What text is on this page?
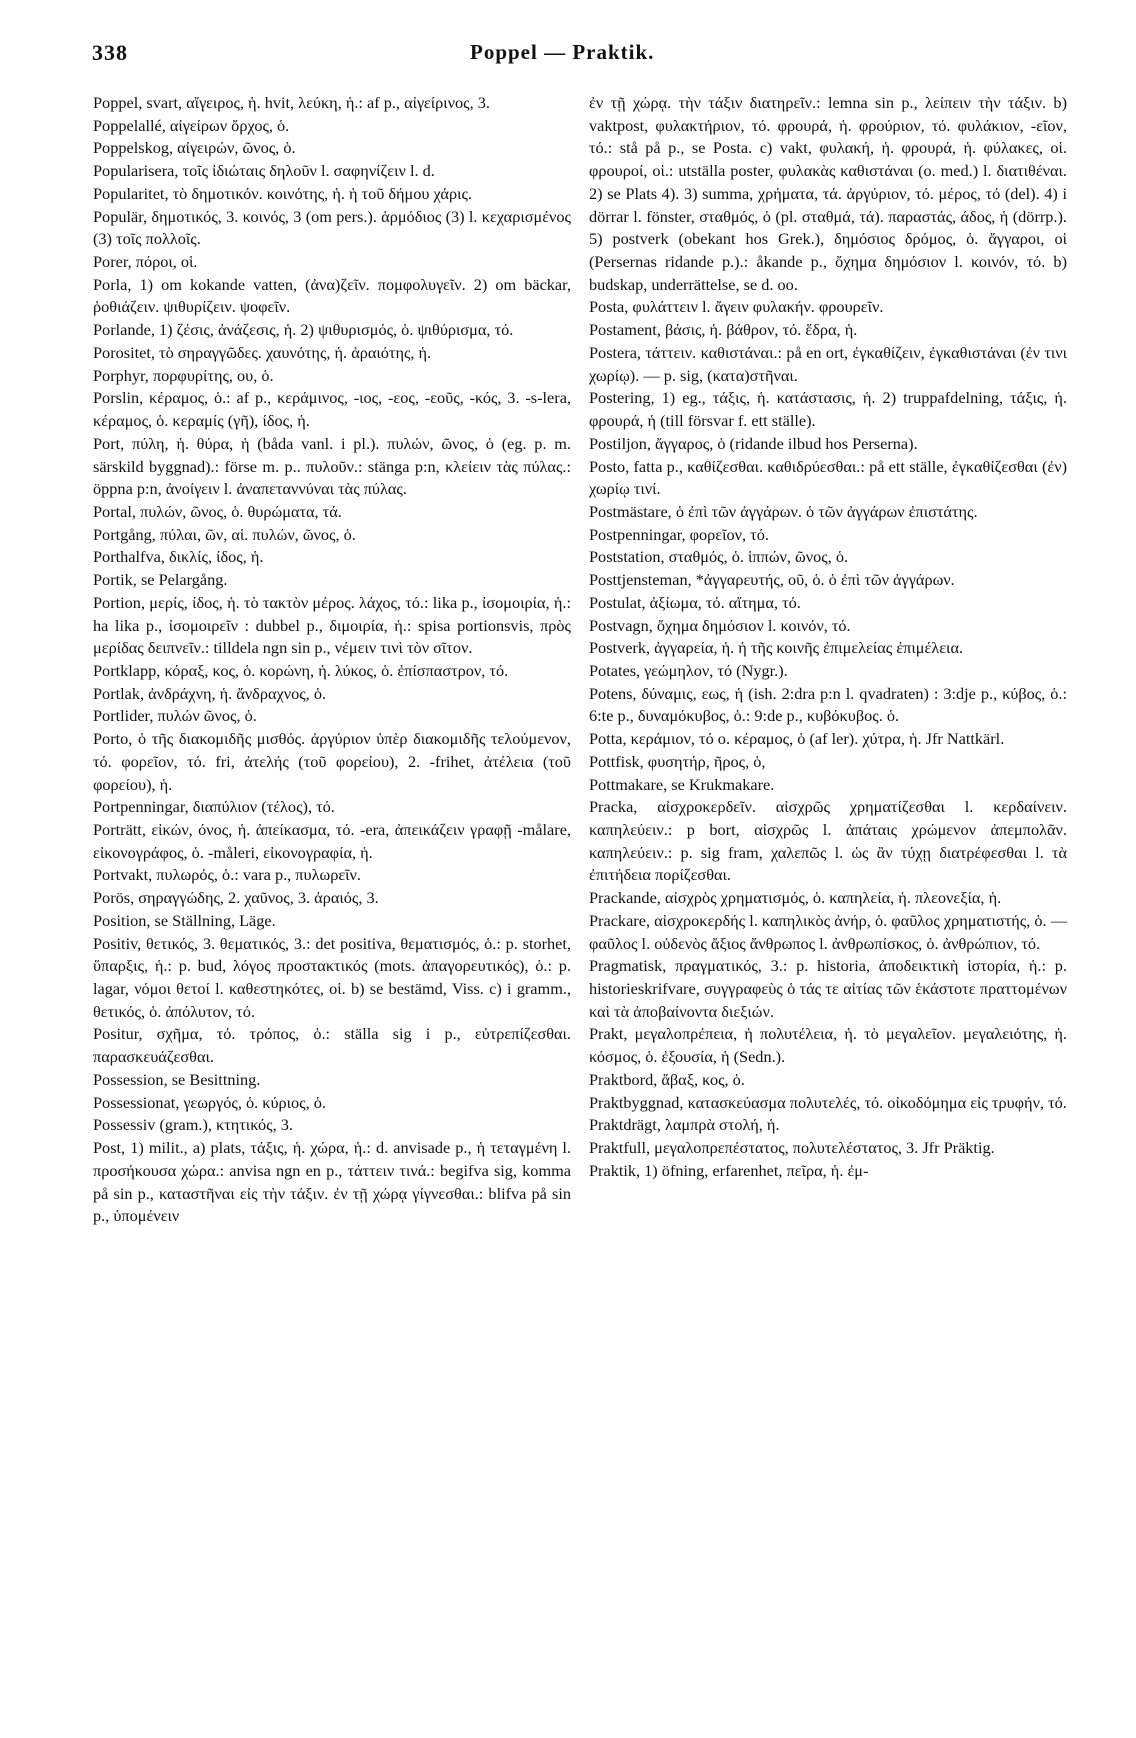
338	Poppel — Praktik.

Poppel, svart, αἴγειρος, ἡ. hvit, λεύκη, ἡ.: af p., αἰγείρινος, 3.

Poppelallé, αἰγείρων ὄρχος, ὁ.

Poppelskog, αἰγειρών, ῶνος, ὁ.

Popularisera, τοῖς ἰδιώταις δηλοῦν l. σαφηνίζειν l. d.

Popularitet, τὸ δημοτικόν. κοινότης, ἡ. ἡ τοῦ δήμου χάρις.

Populär, δημοτικός, 3. κοινός, 3 (om pers.). ἁρμόδιος (3) l. κεχαρισμένος (3) τοῖς πολλοῖς.

Porer, πόροι, οἱ.

Porla, 1) om kokande vatten, (ἀνα)ζεῖν. πομφολυγεῖν. 2) om bäckar, ῥοθιάζειν. ψιθυρίζειν. ψοφεῖν.

Porlande, 1) ζέσις, ἀνάζεσις, ἡ. 2) ψιθυρισμός, ὁ. ψιθύρισμα, τό.

Porositet, τὸ σηραγγῶδες. χαυνότης, ἡ. ἀραιότης, ἡ.

Porphyr, πορφυρίτης, ου, ὁ.

Porslin, κέραμος, ὁ.: af p., κεράμινος, -ιος, -εος, -εοῦς, -κός, 3. -s-lera, κέραμος, ὁ. κεραμίς (γῆ), ίδος, ἡ.

Port, πύλη, ἡ. θύρα, ἡ (båda vanl. i pl.). πυλών, ῶνος, ὁ (eg. p. m. särskild byggnad).: förse m. p.. πυλοῦν.: stänga p:n, κλείειν τὰς πύλας.: öppna p:n, ἀνοίγειν l. ἀναπεταννύναι τὰς πύλας.

Portal, πυλών, ῶνος, ὁ. θυρώματα, τά.

Portgång, πύλαι, ῶν, αἱ. πυλών, ῶνος, ὁ.

Porthalfva, δικλίς, ίδος, ἡ.

Portik, se Pelargång.

Portion, μερίς, ίδος, ἡ. τὸ τακτὸν μέρος. λάχος, τό.: lika p., ἰσομοιρία, ἡ.: ha lika p., ἰσομοιρεῖν : dubbel p., διμοιρία, ἡ.: spisa portionsvis, πρὸς μερίδας δειπνεῖν.: tilldela ngn sin p., νέμειν τινὶ τὸν σῖτον.

Portklapp, κόραξ, κος, ὁ. κορώνη, ἡ. λύκος, ὁ. ἐπίσπαστρον, τό.

Portlak, ἀνδράχνη, ἡ. ἄνδραχνος, ὁ.

Portlider, πυλών ῶνος, ὁ.

Porto, ὁ τῆς διακομιδῆς μισθός. ἀργύριον ὑπὲρ διακομιδῆς τελούμενον, τό. φορεῖον, τό. fri, ἀτελής (τοῦ φορείου), 2. -frihet, ἀτέλεια (τοῦ φορείου), ἡ.

Portpenningar, διαπύλιον (τέλος), τό.

Porträtt, εἰκών, όνος, ἡ. ἀπείκασμα, τό. -era, ἀπεικάζειν γραφῇ -målare, εἰκονογράφος, ὁ. -måleri, εἰκονογραφία, ἡ.

Portvakt, πυλωρός, ὁ.: vara p., πυλωρεῖν.

Porös, σηραγγώδης, 2. χαῦνος, 3. ἀραιός, 3.

Position, se Ställning, Läge.

Positiv, θετικός, 3. θεματικός, 3.: det positiva, θεματισμός, ὁ.: p. storhet, ὕπαρξις, ἡ.: p. bud, λόγος προστακτικός (mots. ἀπαγορευτικός), ὁ.: p. lagar, νόμοι θετοί l. καθεστηκότες, οἱ. b) se bestämd, Viss. c) i gramm., θετικός, ὁ. ἀπόλυτον, τό.

Positur, σχῆμα, τό. τρόπος, ὁ.: ställa sig i p., εὐτρεπίζεσθαι. παρασκευάζεσθαι.

Possession, se Besittning.

Possessionat, γεωργός, ὁ. κύριος, ὁ.

Possessiv (gram.), κτητικός, 3.

Post, 1) milit., a) plats, τάξις, ἡ. χώρα, ἡ.: d. anvisade p., ἡ τεταγμένη l. προσήκουσα χώρα.: anvisa ngn en p., τάττειν τινά.: begifva sig, komma på sin p., καταστῆναι εἰς τὴν τάξιν. ἐν τῇ χώρᾳ γίγνεσθαι.: blifva på sin p., ὑπομένειν

ἐν τῇ χώρᾳ. τὴν τάξιν διατηρεῖν.: lemna sin p., λείπειν τὴν τάξιν. b) vaktpost, φυλακτήριον, τό. φρουρά, ἡ. φρούριον, τό. φυλάκιον, -εῖον, τό.: stå på p., se Posta. c) vakt, φυλακή, ἡ. φρουρά, ἡ. φύλακες, οἱ. φρουροί, οἱ.: utställa poster, φυλακὰς καθιστάναι (o. med.) l. διατιθέναι. 2) se Plats 4). 3) summa, χρήματα, τά. ἀργύριον, τό. μέρος, τό (del). 4) i dörrar l. fönster, σταθμός, ὁ (pl. σταθμά, τά). παραστάς, άδος, ἡ (dörrp.). 5) postverk (obekant hos Grek.), δημόσιος δρόμος, ὁ. ἄγγαροι, οἱ (Persernas ridande p.).: åkande p., ὄχημα δημόσιον l. κοινόν, τό. b) budskap, underrättelse, se d. oo.

Posta, φυλάττειν l. ἄγειν φυλακήν. φρουρεῖν.

Postament, βάσις, ἡ. βάθρον, τό. ἕδρα, ἡ.

Postera, τάττειν. καθιστάναι.: på en ort, ἐγκαθίζειν, ἐγκαθιστάναι (ἐν τινι χωρίῳ). — p. sig, (κατα)στῆναι.

Postering, 1) eg., τάξις, ἡ. κατάστασις, ἡ. 2) truppafdelning, τάξις, ἡ. φρουρά, ἡ (till försvar f. ett ställe).

Postiljon, ἄγγαρος, ὁ (ridande ilbud hos Perserna).

Posto, fatta p., καθίζεσθαι. καθιδρύεσθαι.: på ett ställe, ἐγκαθίζεσθαι (ἐν) χωρίῳ τινί.

Postmästare, ὁ ἐπὶ τῶν ἀγγάρων. ὁ τῶν ἀγγάρων ἐπιστάτης.

Postpenningar, φορεῖον, τό.

Poststation, σταθμός, ὁ. ἱππών, ῶνος, ὁ.

Posttjensteman, *ἀγγαρευτής, οῦ, ὁ. ὁ ἐπὶ τῶν ἀγγάρων.

Postulat, ἀξίωμα, τό. αἴτημα, τό.

Postvagn, ὄχημα δημόσιον l. κοινόν, τό.

Postverk, ἀγγαρεία, ἡ. ἡ τῆς κοινῆς ἐπιμελείας ἐπιμέλεια.

Potates, γεώμηλον, τό (Nygr.).

Potens, δύναμις, εως, ἡ (ish. 2:dra p:n l. qvadraten) : 3:dje p., κύβος, ὁ.: 6:te p., δυναμόκυβος, ὁ.: 9:de p., κυβόκυβος. ὁ.

Potta, κεράμιον, τό o. κέραμος, ὁ (af ler). χύτρα, ἡ. Jfr Nattkärl.

Pottfisk, φυσητήρ, ῆρος, ὁ,

Pottmakare, se Krukmakare.

Pracka, αἰσχροκερδεῖν. αἰσχρῶς χρηματίζεσθαι l. κερδαίνειν. καπηλεύειν.: p bort, αἰσχρῶς l. ἀπάταις χρώμενον ἀπεμπολᾶν. καπηλεύειν.: p. sig fram, χαλεπῶς l. ὡς ἂν τύχῃ διατρέφεσθαι l. τὰ ἐπιτήδεια πορίζεσθαι.

Prackande, αἰσχρὸς χρηματισμός, ὁ. καπηλεία, ἡ. πλεονεξία, ἡ.

Prackare, αἰσχροκερδής l. καπηλικὸς ἀνήρ, ὁ. φαῦλος χρηματιστής, ὁ. — φαῦλος l. οὐδενὸς ἄξιος ἄνθρωπος l. ἀνθρωπίσκος, ὁ. ἀνθρώπιον, τό.

Pragmatisk, πραγματικός, 3.: p. historia, ἀποδεικτικὴ ἱστορία, ἡ.: p. historieskrifvare, συγγραφεὺς ὁ τάς τε αἰτίας τῶν ἑκάστοτε πραττομένων καὶ τὰ ἀποβαίνοντα διεξιών.

Prakt, μεγαλοπρέπεια, ἡ πολυτέλεια, ἡ. τὸ μεγαλεῖον. μεγαλειότης, ἡ. κόσμος, ὁ. ἐξουσία, ἡ (Sedn.).

Praktbord, ἄβαξ, κος, ὁ.

Praktbyggnad, κατασκεύασμα πολυτελές, τό. οἰκοδόμημα εἰς τρυφήν, τό.

Praktdrägt, λαμπρὰ στολή, ἡ.

Praktfull, μεγαλοπρεπέστατος, πολυτελέστατος, 3. Jfr Präktig.

Praktik, 1) öfning, erfarenhet, πεῖρα, ἡ. ἐμ-
